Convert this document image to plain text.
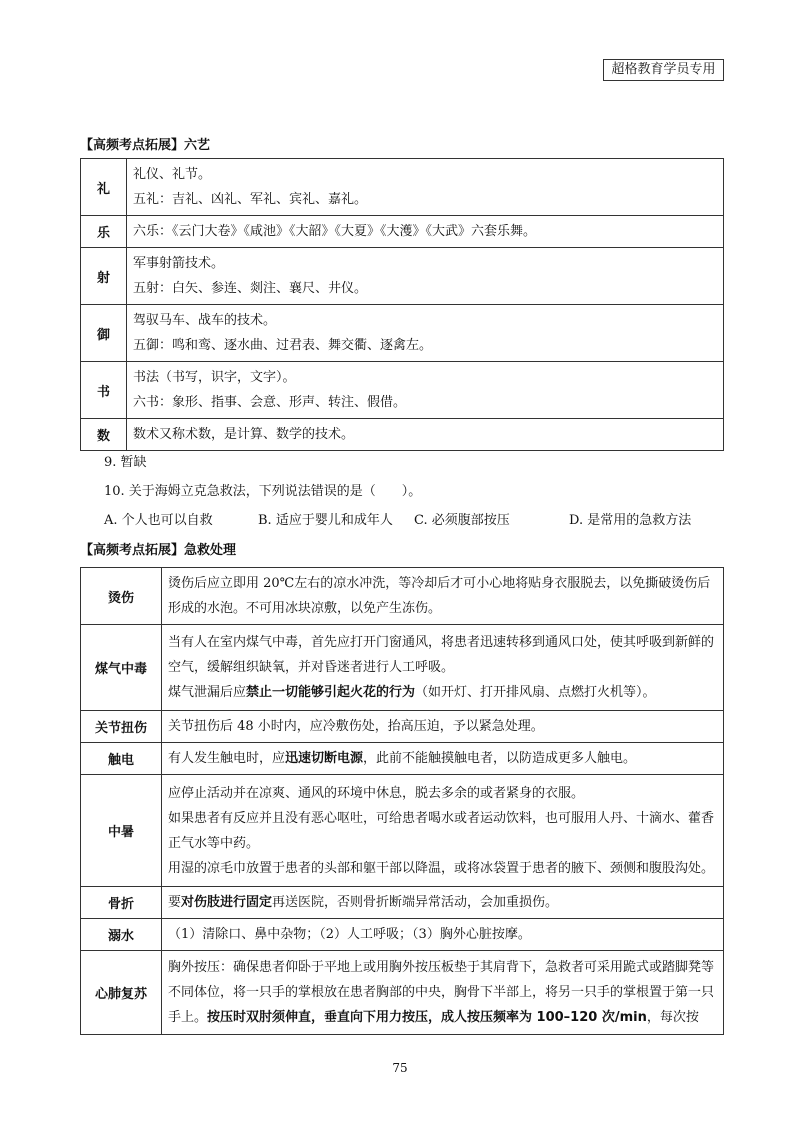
超格教育学员专用
【高频考点拓展】六艺
礼	礼仪、礼节。

五礼：吉礼、凶礼、军礼、宾礼、嘉礼。

乐	六乐：《云门大卷》《咸池》《大韶》《大夏》《大濩》《大武》六套乐舞。

射	军事射箭技术。

五射：白矢、参连、剡注、襄尺、井仪。

御	驾驭马车、战车的技术。

五御：鸣和鸾、逐水曲、过君表、舞交衢、逐禽左。

书	书法（书写，识字，文字）。

六书：象形、指事、会意、形声、转注、假借。

数	数术又称术数，是计算、数学的技术。

9. 暂缺
10. 关于海姆立克急救法，下列说法错误的是（　　）。
A. 个人也可以自救	B. 适应于婴儿和成年人 C. 必须腹部按压	D. 是常用的急救方法
【高频考点拓展】急救处理
烫伤	烫伤后应立即用 20℃左右的凉水冲洗，等冷却后才可小心地将贴身衣服脱去，以免撕破烫伤后形成的水泡。不可用冰块凉敷，以免产生冻伤。

煤气中毒	当有人在室内煤气中毒，首先应打开门窗通风，将患者迅速转移到通风口处，使其呼吸到新鲜的空气，缓解组织缺氧，并对昏迷者进行人工呼吸。

煤气泄漏后应禁止一切能够引起火花的行为（如开灯、打开排风扇、点燃打火机等）。

关节扭伤	关节扭伤后 48 小时内，应冷敷伤处，抬高压迫，予以紧急处理。

触电	有人发生触电时，应迅速切断电源，此前不能触摸触电者，以防造成更多人触电。

中暑	应停止活动并在凉爽、通风的环境中休息，脱去多余的或者紧身的衣服。

如果患者有反应并且没有恶心呕吐，可给患者喝水或者运动饮料，也可服用人丹、十滴水、藿香正气水等中药。

用湿的凉毛巾放置于患者的头部和躯干部以降温，或将冰袋置于患者的腋下、颈侧和腹股沟处。

骨折	要对伤肢进行固定再送医院，否则骨折断端异常活动，会加重损伤。

溺水	（1）清除口、鼻中杂物；（2）人工呼吸；（3）胸外心脏按摩。

心肺复苏	胸外按压：确保患者仰卧于平地上或用胸外按压板垫于其肩背下，急救者可采用跪式或踏脚凳等不同体位，将一只手的掌根放在患者胸部的中央，胸骨下半部上，将另一只手的掌根置于第一只手上。按压时双肘须伸直，垂直向下用力按压，成人按压频率为 100–120 次/min，每次按

75
